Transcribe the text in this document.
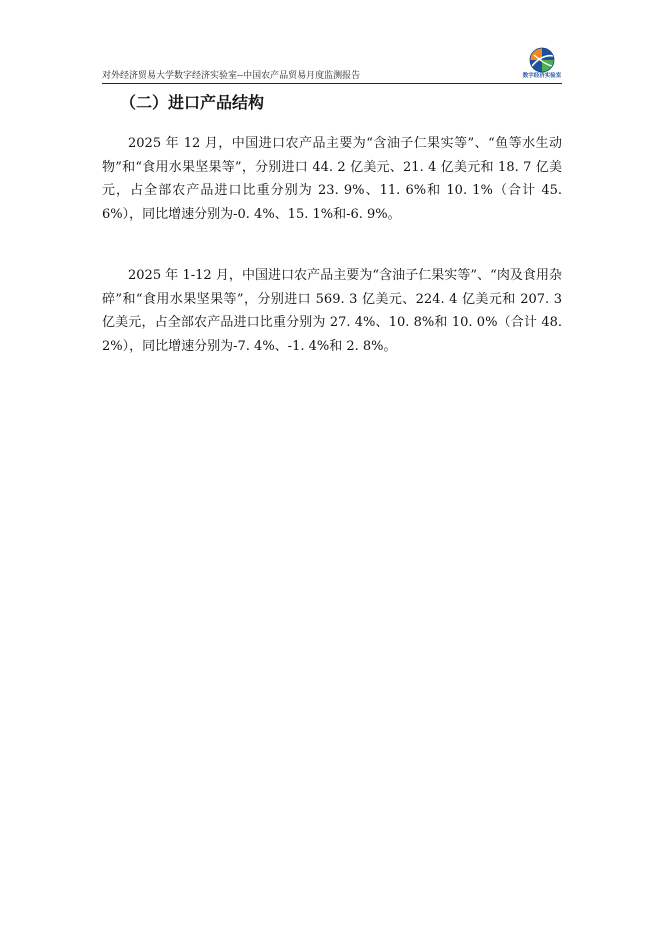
数字经济实验室
对外经济贸易大学数字经济实验室--中国农产品贸易月度监测报告
（二）进口产品结构

2025 年 12 月，中国进口农产品主要为“含油子仁果实等”、“鱼等水生动物”和“食用水果坚果等”，分别进口 44. 2 亿美元、21. 4 亿美元和 18. 7 亿美元，占全部农产品进口比重分别为 23. 9%、11. 6%和 10. 1%（合计 45. 6%），同比增速分别为-0. 4%、15. 1%和-6. 9%。

2025 年 1-12 月，中国进口农产品主要为“含油子仁果实等”、“肉及食用杂碎”和“食用水果坚果等”，分别进口 569. 3 亿美元、224. 4 亿美元和 207. 3 亿美元，占全部农产品进口比重分别为 27. 4%、10. 8%和 10. 0%（合计 48. 2%），同比增速分别为-7. 4%、-1. 4%和 2. 8%。
